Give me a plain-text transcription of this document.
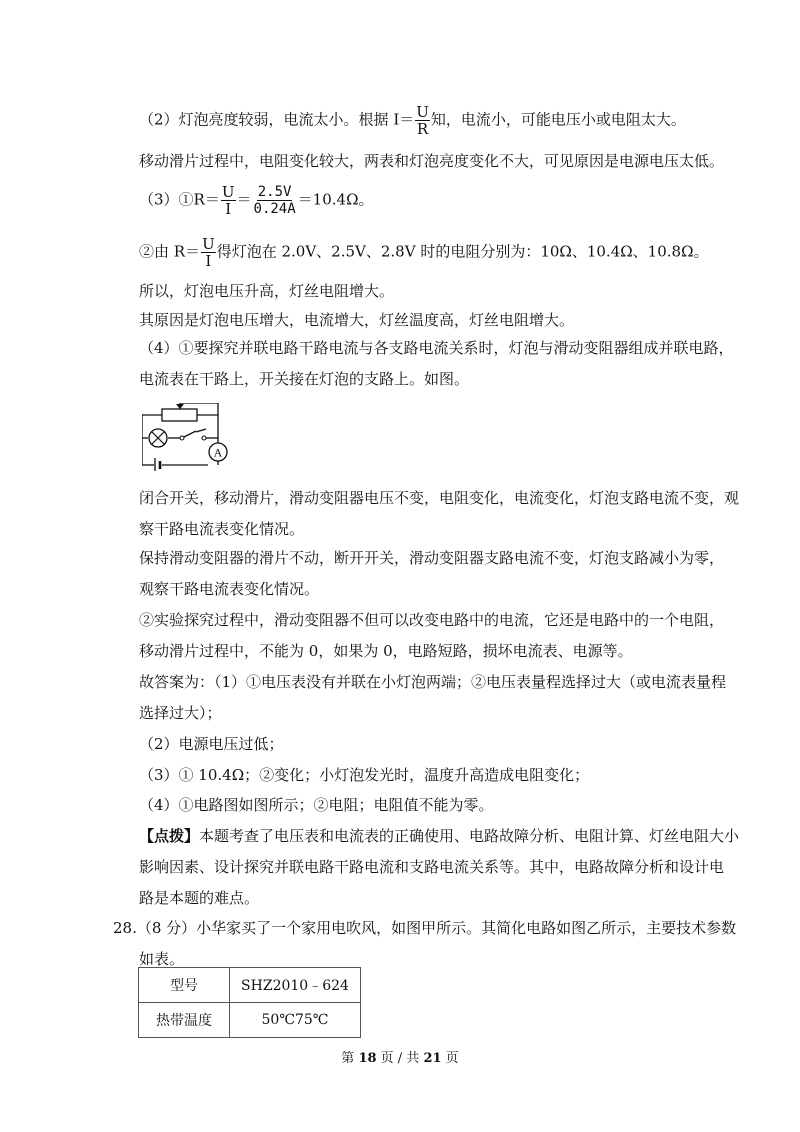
（2）灯泡亮度较弱，电流太小。根据 $I= \frac{U}{R}$ 知，电流小，可能电压小或电阻太大。
移动滑片过程中，电阻变化较大，两表和灯泡亮度变化不大，可见原因是电源电压太低。
（3）①R＝ $\frac{U}{I} = \frac{2.5V}{0.24A} =10.4\Omega$。
②由 $R= \frac{U}{I}$ 得灯泡在 2.0V、2.5V、2.8V 时的电阻分别为：10Ω、10.4Ω、10.8Ω。
所以，灯泡电压升高，灯丝电阻增大。
其原因是灯泡电压增大，电流增大，灯丝温度高，灯丝电阻增大。
（4）①要探究并联电路干路电流与各支路电流关系时，灯泡与滑动变阻器组成并联电路，
电流表在干路上，开关接在灯泡的支路上。如图。
A
闭合开关，移动滑片，滑动变阻器电压不变，电阻变化，电流变化，灯泡支路电流不变，观
察干路电流表变化情况。
保持滑动变阻器的滑片不动，断开开关，滑动变阻器支路电流不变，灯泡支路减小为零，
观察干路电流表变化情况。
②实验探究过程中，滑动变阻器不但可以改变电路中的电流，它还是电路中的一个电阻，
移动滑片过程中，不能为 0，如果为 0，电路短路，损坏电流表、电源等。
故答案为：（1）①电压表没有并联在小灯泡两端；②电压表量程选择过大（或电流表量程
选择过大）；
（2）电源电压过低；
（3）① 10.4Ω；②变化；小灯泡发光时，温度升高造成电阻变化；
（4）①电路图如图所示；②电阻；电阻值不能为零。
【点拨】本题考查了电压表和电流表的正确使用、电路故障分析、电阻计算、灯丝电阻大小
影响因素、设计探究并联电路干路电流和支路电流关系等。其中，电路故障分析和设计电
路是本题的难点。
28.（8 分）小华家买了一个家用电吹风，如图甲所示。其简化电路如图乙所示，主要技术参数
如表。
型号	SHZ2010﹣624
热带温度	50℃75℃
第 18 页 / 共 21 页
